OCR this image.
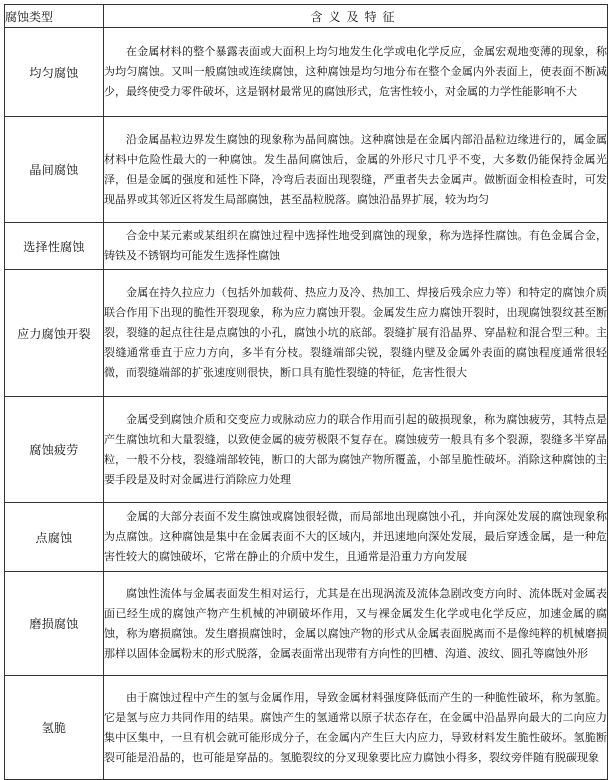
腐蚀类型	含义及特征
均匀腐蚀	在金属材料的整个暴露表面或大面积上均匀地发生化学或电化学反应，金属宏观地变薄的现象，称为均匀腐蚀。又叫一般腐蚀或连续腐蚀，这种腐蚀是均匀地分布在整个金属内外表面上，使表面不断减少，最终使受力零件破坏，这是钢材最常见的腐蚀形式，危害性较小，对金属的力学性能影响不大
晶间腐蚀	沿金属晶粒边界发生腐蚀的现象称为晶间腐蚀。这种腐蚀是在金属内部沿晶粒边缘进行的，属金属材料中危险性最大的一种腐蚀。发生晶间腐蚀后，金属的外形尺寸几乎不变，大多数仍能保持金属光泽，但是金属的强度和延性下降，冷弯后表面出现裂缝，严重者失去金属声。做断面金相检查时，可发现晶界或其邻近区将发生局部腐蚀，甚至晶粒脱落。腐蚀沿晶界扩展，较为均匀
选择性腐蚀	合金中某元素或某组织在腐蚀过程中选择性地受到腐蚀的现象，称为选择性腐蚀。有色金属合金，铸铁及不锈钢均可能发生选择性腐蚀
应力腐蚀开裂	金属在持久拉应力（包括外加载荷、热应力及冷、热加工、焊接后残余应力等）和特定的腐蚀介质联合作用下出现的脆性开裂现象，称为应力腐蚀开裂。金属发生应力腐蚀开裂时，出现腐蚀裂纹甚至断裂，裂缝的起点往往是点腐蚀的小孔，腐蚀小坑的底部。裂缝扩展有沿晶界、穿晶粒和混合型三种。主裂缝通常垂直于应力方向，多半有分枝。裂缝端部尖锐，裂缝内壁及金属外表面的腐蚀程度通常很轻微，而裂缝端部的扩张速度则很快，断口具有脆性裂缝的特征，危害性很大
腐蚀疲劳	金属受到腐蚀介质和交变应力或脉动应力的联合作用而引起的破损现象，称为腐蚀疲劳，其特点是产生腐蚀坑和大量裂缝，以致使金属的疲劳极限不复存在。腐蚀疲劳一般具有多个裂源，裂缝多半穿晶粒，一般不分枝，裂缝端部较钝，断口的大部为腐蚀产物所覆盖，小部呈脆性破坏。消除这种腐蚀的主要手段是及时对金属进行消除应力处理
点腐蚀	金属的大部分表面不发生腐蚀或腐蚀很轻微，而局部地出现腐蚀小孔，并向深处发展的腐蚀现象称为点腐蚀。这种腐蚀是集中在金属表面不大的区域内，并迅速地向深处发展，最后穿透金属，是一种危害性较大的腐蚀破坏，它常在静止的介质中发生，且通常是沿重力方向发展
磨损腐蚀	腐蚀性流体与金属表面发生相对运行，尤其是在出现涡流及流体急剧改变方向时、流体既对金属表面已经生成的腐蚀产物产生机械的冲刷破坏作用，又与裸金属发生化学或电化学反应，加速金属的腐蚀，称为磨损腐蚀。发生磨损腐蚀时，金属以腐蚀产物的形式从金属表面脱离而不是像纯粹的机械磨损那样以固体金属粉末的形式脱落，金属表面常出现带有方向性的凹槽、沟道、波纹、圆孔等腐蚀外形
氢脆	由于腐蚀过程中产生的氢与金属作用，导致金属材料强度降低而产生的一种脆性破坏，称为氢脆。它是氢与应力共同作用的结果。腐蚀产生的氢通常以原子状态存在，在金属中沿晶界向最大的二向应力集中区集中，一旦有机会就可能形成分子，在金属内产生巨大内应力，导致材料发生脆性破坏。氢脆断裂可能是沿晶的，也可能是穿晶的。氢脆裂纹的分叉现象要比应力腐蚀小得多，裂纹旁伴随有脱碳现象
